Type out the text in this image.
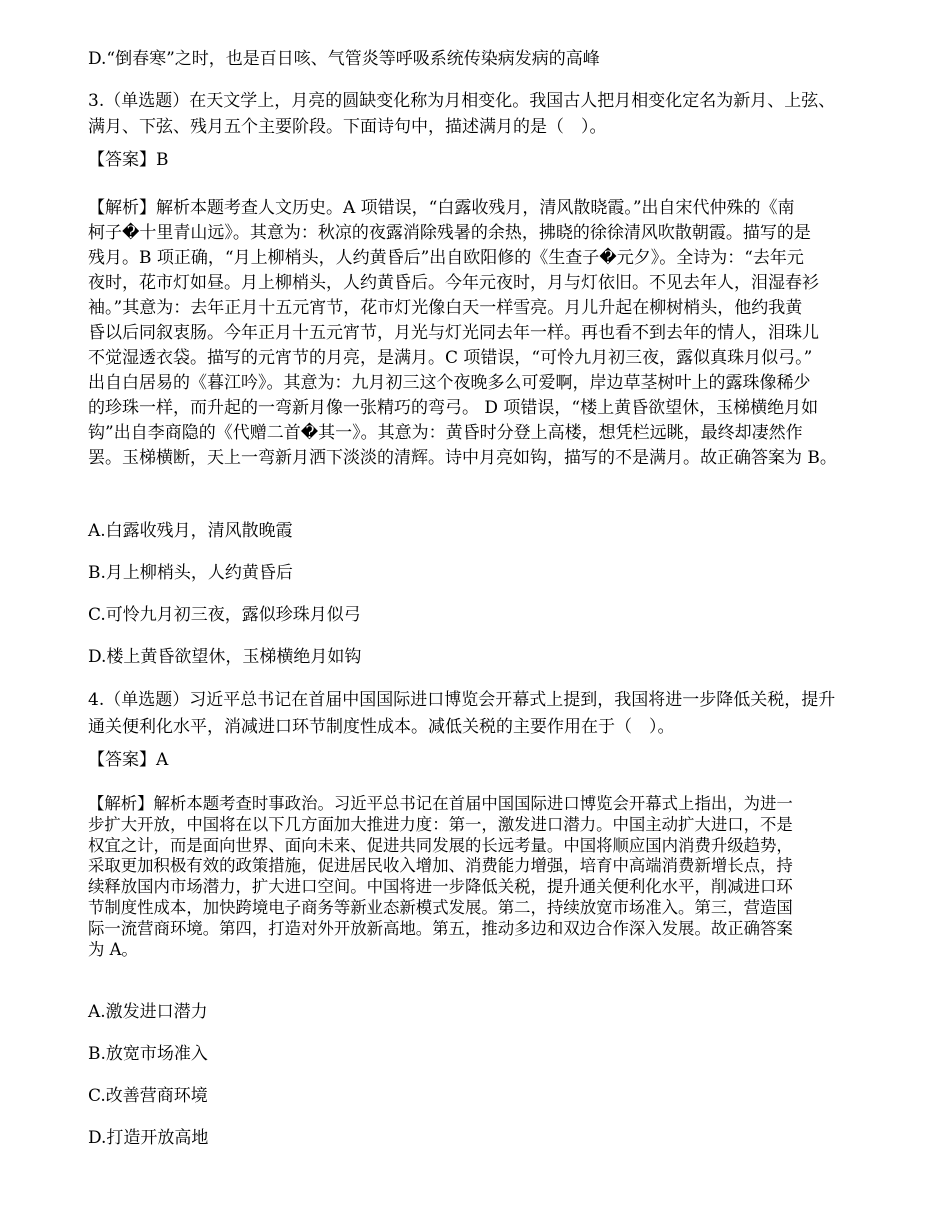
D.“倒春寒”之时，也是百日咳、气管炎等呼吸系统传染病发病的高峰
3.（单选题）在天文学上，月亮的圆缺变化称为月相变化。我国古人把月相变化定名为新月、上弦、
满月、下弦、残月五个主要阶段。下面诗句中，描述满月的是（　）。
【答案】B
【解析】解析本题考查人文历史。A 项错误，“白露收残月，清风散晓霞。”出自宋代仲殊的《南
柯子�十里青山远》。其意为：秋凉的夜露消除残暑的余热，拂晓的徐徐清风吹散朝霞。描写的是
残月。B 项正确，“月上柳梢头，人约黄昏后”出自欧阳修的《生查子�元夕》。全诗为：“去年元
夜时，花市灯如昼。月上柳梢头，人约黄昏后。今年元夜时，月与灯依旧。不见去年人，泪湿春衫
袖。”其意为：去年正月十五元宵节，花市灯光像白天一样雪亮。月儿升起在柳树梢头，他约我黄
昏以后同叙衷肠。今年正月十五元宵节，月光与灯光同去年一样。再也看不到去年的情人，泪珠儿
不觉湿透衣袋。描写的元宵节的月亮，是满月。C 项错误，“可怜九月初三夜，露似真珠月似弓。”
出自白居易的《暮江吟》。其意为：九月初三这个夜晚多么可爱啊，岸边草茎树叶上的露珠像稀少
的珍珠一样，而升起的一弯新月像一张精巧的弯弓。 D 项错误，“楼上黄昏欲望休，玉梯横绝月如
钩”出自李商隐的《代赠二首�其一》。其意为：黄昏时分登上高楼，想凭栏远眺，最终却凄然作
罢。玉梯横断，天上一弯新月洒下淡淡的清辉。诗中月亮如钩，描写的不是满月。故正确答案为 B。
A.白露收残月，清风散晚霞
B.月上柳梢头，人约黄昏后
C.可怜九月初三夜，露似珍珠月似弓
D.楼上黄昏欲望休，玉梯横绝月如钩
4.（单选题）习近平总书记在首届中国国际进口博览会开幕式上提到，我国将进一步降低关税，提升
通关便利化水平，消减进口环节制度性成本。减低关税的主要作用在于（　）。
【答案】A
【解析】解析本题考查时事政治。习近平总书记在首届中国国际进口博览会开幕式上指出，为进一
步扩大开放，中国将在以下几方面加大推进力度：第一，激发进口潜力。中国主动扩大进口，不是
权宜之计，而是面向世界、面向未来、促进共同发展的长远考量。中国将顺应国内消费升级趋势，
采取更加积极有效的政策措施，促进居民收入增加、消费能力增强，培育中高端消费新增长点，持
续释放国内市场潜力，扩大进口空间。中国将进一步降低关税，提升通关便利化水平，削减进口环
节制度性成本，加快跨境电子商务等新业态新模式发展。第二，持续放宽市场准入。第三，营造国
际一流营商环境。第四，打造对外开放新高地。第五，推动多边和双边合作深入发展。故正确答案
为 A。
A.激发进口潜力
B.放宽市场准入
C.改善营商环境
D.打造开放高地
